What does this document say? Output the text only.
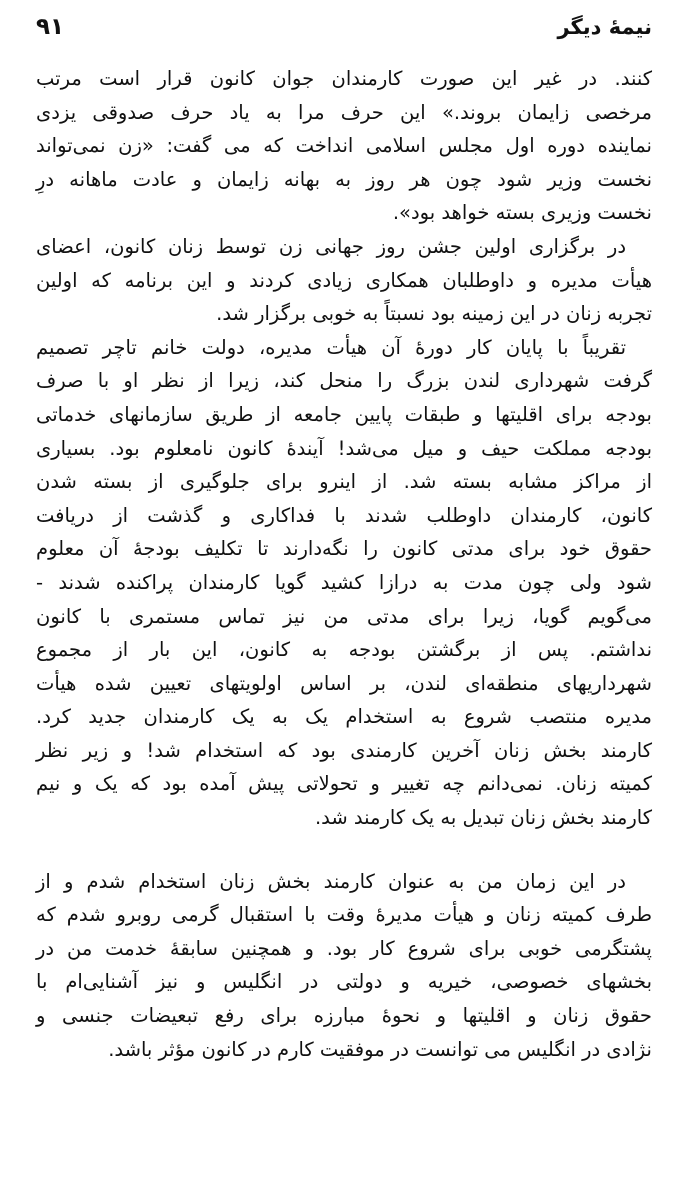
نیمهٔ دیگر
۹۱

کنند. در غیر این صورت کارمندان جوان کانون قرار است مرتب
مرخصی زایمان بروند.» این حرف مرا به یاد حرف صدوقی یزدی
نماینده دوره اول مجلس اسلامی انداخت که می گفت: «زن نمی‌تواند
نخست وزیر شود چون هر روز به بهانه زایمان و عادت ماهانه درِ
نخست وزیری بسته خواهد بود».

در برگزاری اولین جشن روز جهانی زن توسط زنان کانون، اعضای
هیأت مدیره و داوطلبان همکاری زیادی کردند و این برنامه که اولین
تجربه زنان در این زمینه بود نسبتاً به خوبی برگزار شد.

تقریباً با پایان کار دورهٔ آن هیأت مدیره، دولت خانم تاچر تصمیم
گرفت شهرداری لندن بزرگ را منحل کند، زیرا از نظر او با صرف
بودجه برای اقلیتها و طبقات پایین جامعه از طریق سازمانهای خدماتی
بودجه مملکت حیف و میل می‌شد! آیندهٔ کانون نامعلوم بود. بسیاری
از مراکز مشابه بسته شد. از اینرو برای جلوگیری از بسته شدن
کانون، کارمندان داوطلب شدند با فداکاری و گذشت از دریافت
حقوق خود برای مدتی کانون را نگه‌دارند تا تکلیف بودجهٔ آن معلوم
شود ولی چون مدت به درازا کشید گویا کارمندان پراکنده شدند -
می‌گویم گویا، زیرا برای مدتی من نیز تماس مستمری با کانون
نداشتم. پس از برگشتن بودجه به کانون، این بار از مجموع
شهرداریهای منطقه‌ای لندن، بر اساس اولویتهای تعیین شده هیأت
مدیره منتصب شروع به استخدام یک به یک کارمندان جدید کرد.
کارمند بخش زنان آخرین کارمندی بود که استخدام شد! و زیر نظر
کمیته زنان. نمی‌دانم چه تغییر و تحولاتی پیش آمده بود که یک و نیم
کارمند بخش زنان تبدیل به یک کارمند شد.

در این زمان من به عنوان کارمند بخش زنان استخدام شدم و از
طرف کمیته زنان و هیأت مدیرهٔ وقت با استقبال گرمی روبرو شدم که
پشتگرمی خوبی برای شروع کار بود. و همچنین سابقهٔ خدمت من در
بخشهای خصوصی، خیریه و دولتی در انگلیس و نیز آشنایی‌ام با
حقوق زنان و اقلیتها و نحوهٔ مبارزه برای رفع تبعیضات جنسی و
نژادی در انگلیس می توانست در موفقیت کارم در کانون مؤثر باشد.
